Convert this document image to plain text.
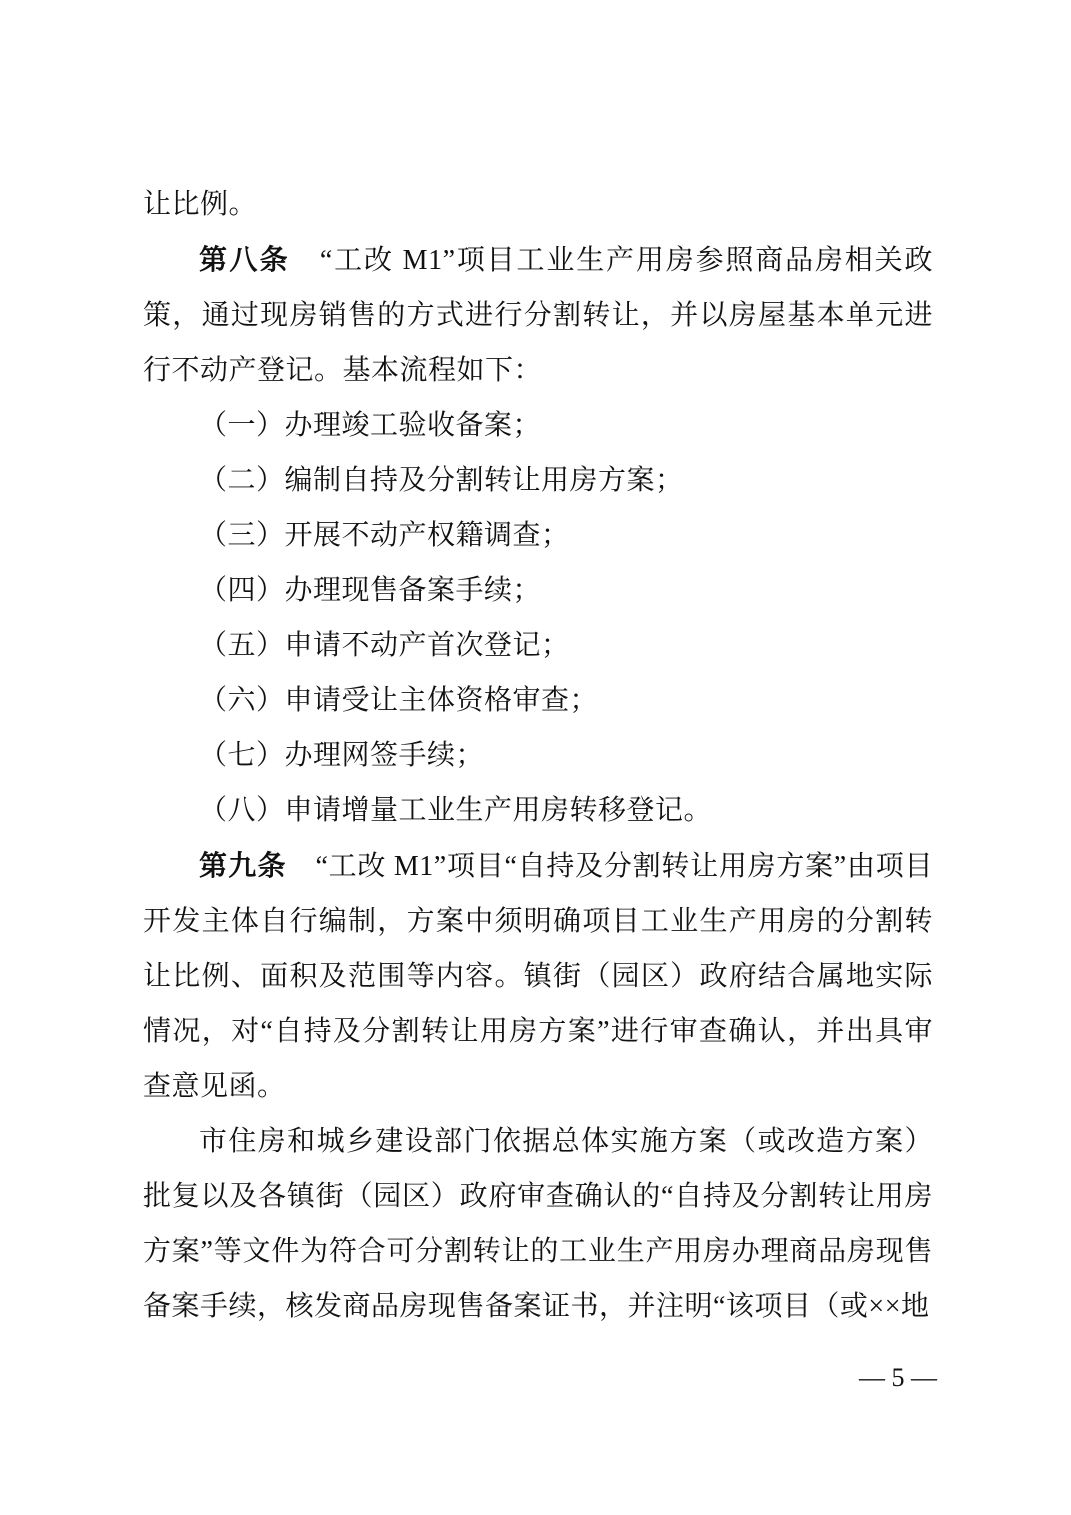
让比例。

第八条　“工改 M1”项目工业生产用房参照商品房相关政策，通过现房销售的方式进行分割转让，并以房屋基本单元进行不动产登记。基本流程如下：

（一）办理竣工验收备案；

（二）编制自持及分割转让用房方案；

（三）开展不动产权籍调查；

（四）办理现售备案手续；

（五）申请不动产首次登记；

（六）申请受让主体资格审查；

（七）办理网签手续；

（八）申请增量工业生产用房转移登记。

第九条　“工改 M1”项目“自持及分割转让用房方案”由项目开发主体自行编制，方案中须明确项目工业生产用房的分割转让比例、面积及范围等内容。镇街（园区）政府结合属地实际情况，对“自持及分割转让用房方案”进行审查确认，并出具审查意见函。

市住房和城乡建设部门依据总体实施方案（或改造方案）批复以及各镇街（园区）政府审查确认的“自持及分割转让用房方案”等文件为符合可分割转让的工业生产用房办理商品房现售备案手续，核发商品房现售备案证书，并注明“该项目（或××地

— 5 —
